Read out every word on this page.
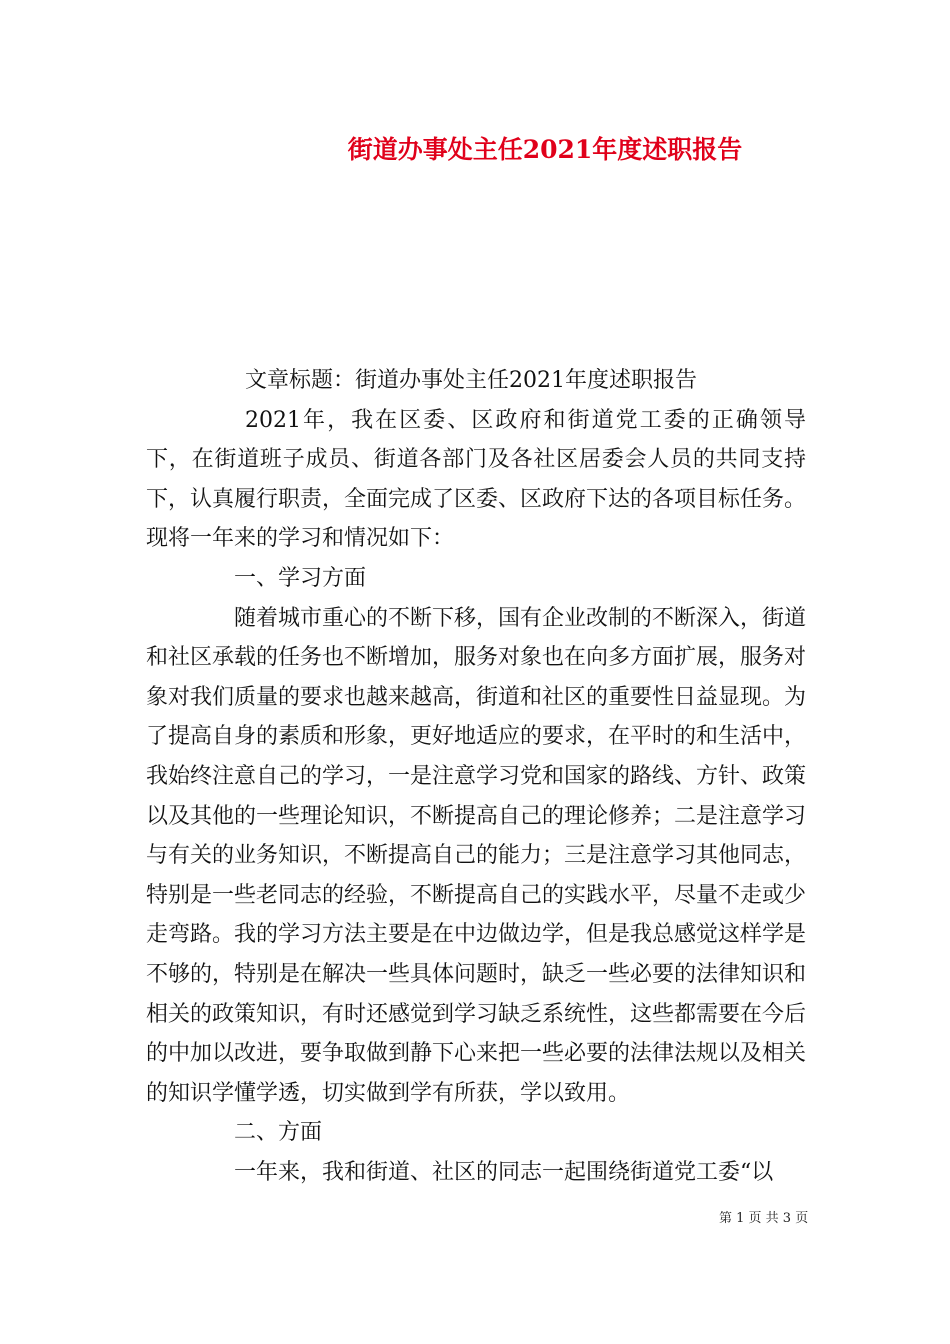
街道办事处主任2021年度述职报告

文章标题：街道办事处主任2021年度述职报告

2021年，我在区委、区政府和街道党工委的正确领导下，在街道班子成员、街道各部门及各社区居委会人员的共同支持下，认真履行职责，全面完成了区委、区政府下达的各项目标任务。现将一年来的学习和情况如下：

一、学习方面

随着城市重心的不断下移，国有企业改制的不断深入，街道和社区承载的任务也不断增加，服务对象也在向多方面扩展，服务对象对我们质量的要求也越来越高，街道和社区的重要性日益显现。为了提高自身的素质和形象，更好地适应的要求，在平时的和生活中，我始终注意自己的学习，一是注意学习党和国家的路线、方针、政策以及其他的一些理论知识，不断提高自己的理论修养；二是注意学习与有关的业务知识，不断提高自己的能力；三是注意学习其他同志，特别是一些老同志的经验，不断提高自己的实践水平，尽量不走或少走弯路。我的学习方法主要是在中边做边学，但是我总感觉这样学是不够的，特别是在解决一些具体问题时，缺乏一些必要的法律知识和相关的政策知识，有时还感觉到学习缺乏系统性，这些都需要在今后的中加以改进，要争取做到静下心来把一些必要的法律法规以及相关的知识学懂学透，切实做到学有所获，学以致用。

二、方面

一年来，我和街道、社区的同志一起围绕街道党工委“以

第 1 页 共 3 页
